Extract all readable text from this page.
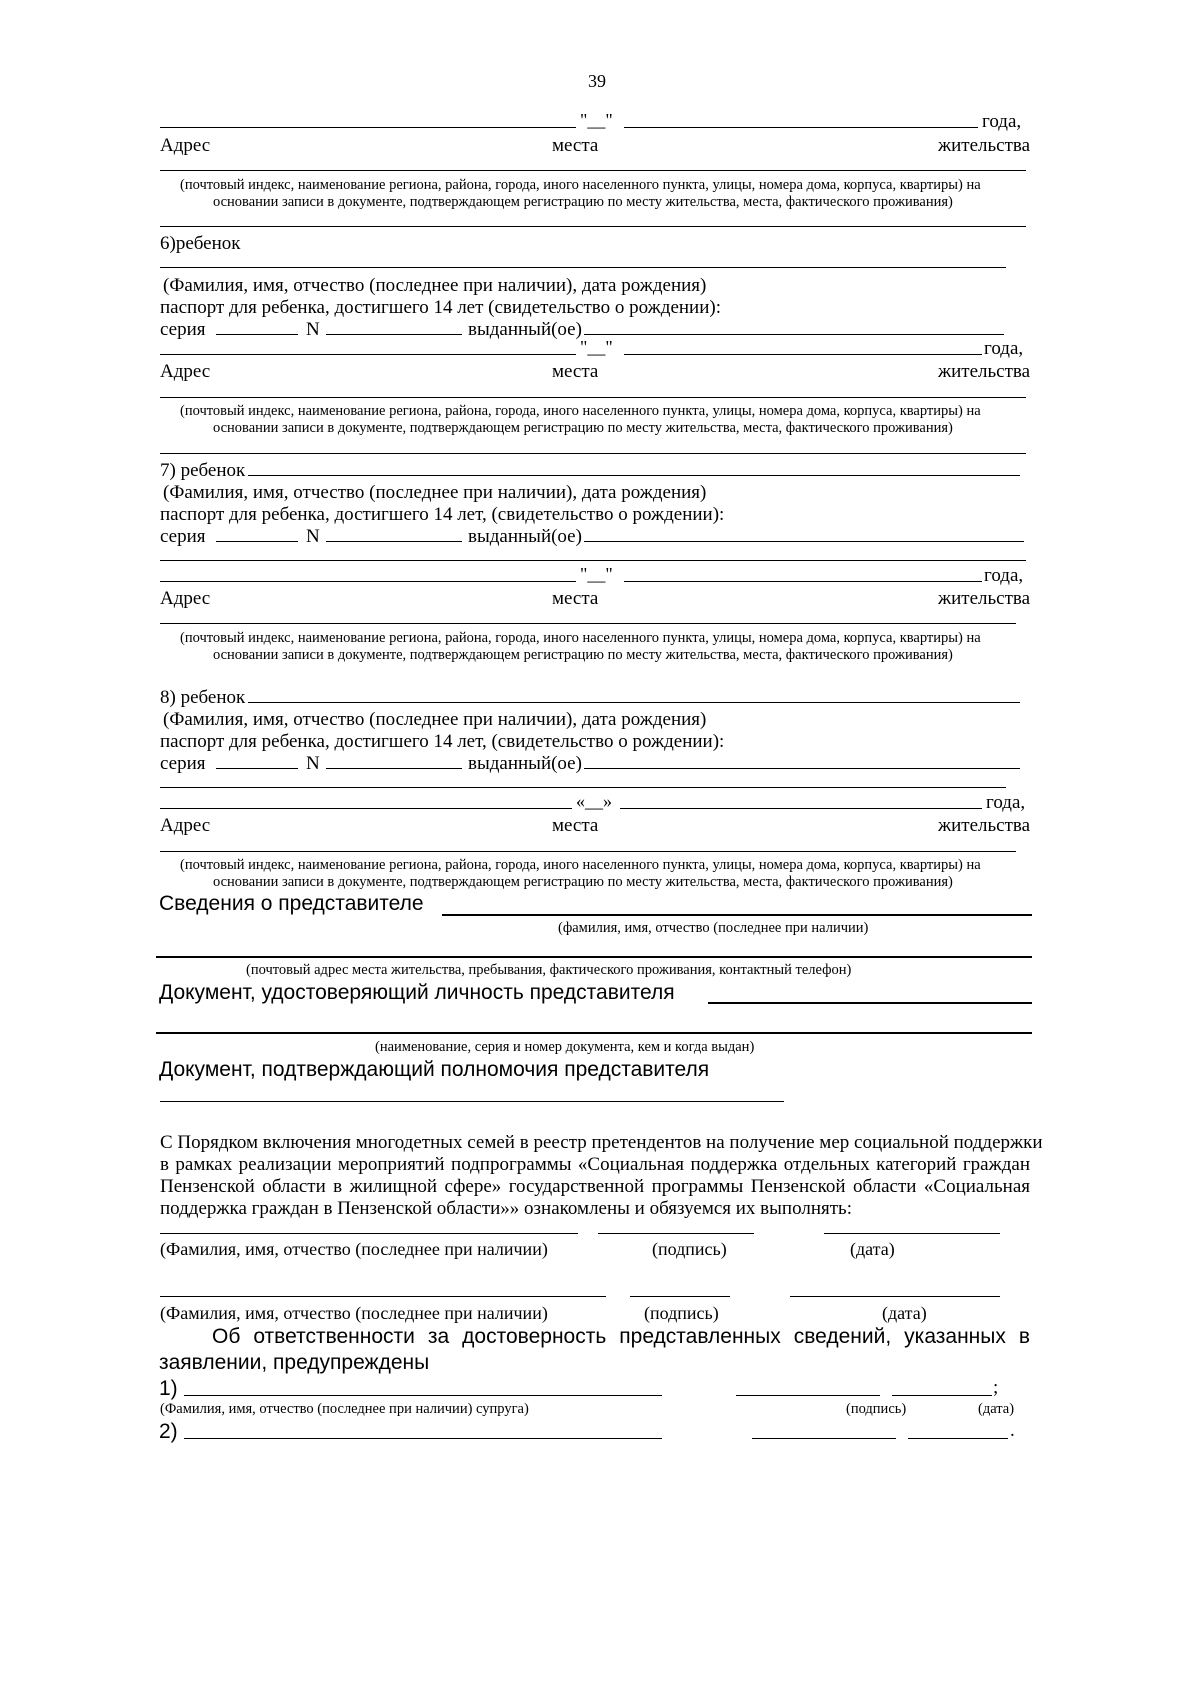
39
"__"	года,
Адрес	места	жительства
(почтовый индекс, наименование региона, района, города, иного населенного пункта, улицы, номера дома, корпуса, квартиры) на
основании записи в документе, подтверждающем регистрацию по месту жительства, места, фактического проживания)
6)ребенок
(Фамилия, имя, отчество (последнее при наличии), дата рождения)
паспорт для ребенка, достигшего 14 лет (свидетельство о рождении):
серия	N	выданный(ое)
"__"	года,
Адрес	места	жительства
(почтовый индекс, наименование региона, района, города, иного населенного пункта, улицы, номера дома, корпуса, квартиры) на
основании записи в документе, подтверждающем регистрацию по месту жительства, места, фактического проживания)
7) ребенок
(Фамилия, имя, отчество (последнее при наличии), дата рождения)
паспорт для ребенка, достигшего 14 лет, (свидетельство о рождении):
серия	N	выданный(ое)
"__"	года,
Адрес	места	жительства
(почтовый индекс, наименование региона, района, города, иного населенного пункта, улицы, номера дома, корпуса, квартиры) на
основании записи в документе, подтверждающем регистрацию по месту жительства, места, фактического проживания)
8) ребенок
(Фамилия, имя, отчество (последнее при наличии), дата рождения)
паспорт для ребенка, достигшего 14 лет, (свидетельство о рождении):
серия	N	выданный(ое)
«__»	года,
Адрес	места	жительства
(почтовый индекс, наименование региона, района, города, иного населенного пункта, улицы, номера дома, корпуса, квартиры) на
основании записи в документе, подтверждающем регистрацию по месту жительства, места, фактического проживания)
Сведения о представителе
(фамилия, имя, отчество (последнее при наличии)
(почтовый адрес места жительства, пребывания, фактического проживания, контактный телефон)
Документ, удостоверяющий личность представителя
(наименование, серия и номер документа, кем и когда выдан)
Документ, подтверждающий полномочия представителя
С Порядком включения многодетных семей в реестр претендентов на получение мер социальной поддержки
в рамках реализации мероприятий подпрограммы «Социальная поддержка отдельных категорий граждан
Пензенской области в жилищной сфере» государственной программы Пензенской области «Социальная
поддержка граждан в Пензенской области»» ознакомлены и обязуемся их выполнять:
(Фамилия, имя, отчество (последнее при наличии)	(подпись)	(дата)
(Фамилия, имя, отчество (последнее при наличии)	(подпись)	(дата)
Об ответственности за достоверность представленных сведений, указанных в
заявлении, предупреждены
1)	;
(Фамилия, имя, отчество (последнее при наличии) супруга)	(подпись)	(дата)
2)	.
